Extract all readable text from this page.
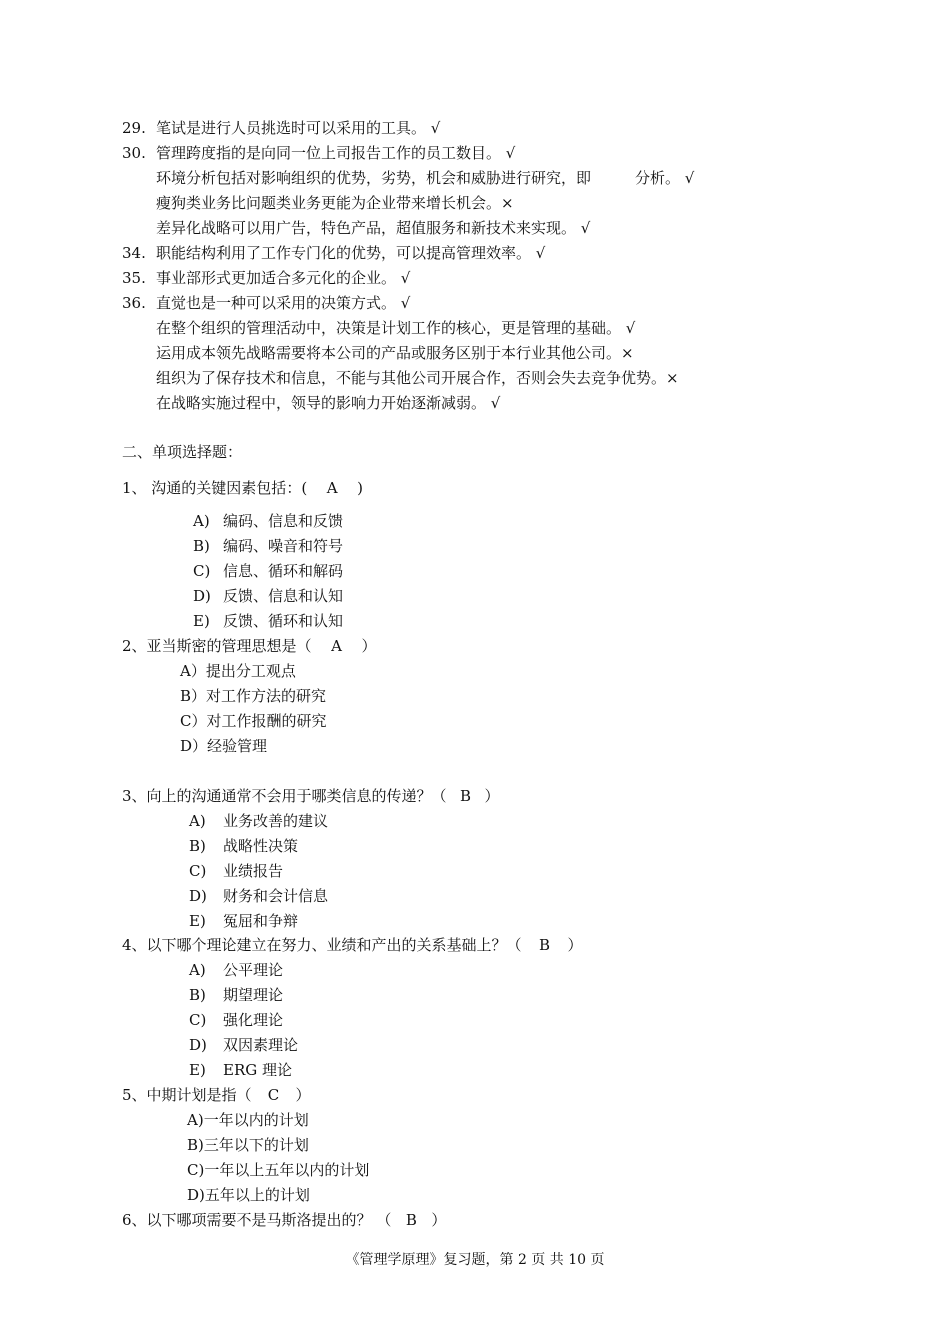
29. 笔试是进行人员挑选时可以采用的工具。 √
30. 管理跨度指的是向同一位上司报告工作的员工数目。 √
环境分析包括对影响组织的优势，劣势，机会和威胁进行研究，即	分析。 √
瘦狗类业务比问题类业务更能为企业带来增长机会。×
差异化战略可以用广告，特色产品，超值服务和新技术来实现。 √
34. 职能结构利用了工作专门化的优势，可以提高管理效率。 √
35. 事业部形式更加适合多元化的企业。 √
36. 直觉也是一种可以采用的决策方式。 √
在整个组织的管理活动中，决策是计划工作的核心，更是管理的基础。 √
运用成本领先战略需要将本公司的产品或服务区别于本行业其他公司。×
组织为了保存技术和信息，不能与其他公司开展合作，否则会失去竞争优势。×
在战略实施过程中，领导的影响力开始逐渐减弱。 √
二、单项选择题：
1、 沟通的关键因素包括：( A )
A) 编码、信息和反馈
B) 编码、噪音和符号
C) 信息、循环和解码
D) 反馈、信息和认知
E) 反馈、循环和认知
2、亚当斯密的管理思想是（ A ）
A）提出分工观点
B）对工作方法的研究
C）对工作报酬的研究
D）经验管理
3、向上的沟通通常不会用于哪类信息的传递？（ B ）
A) 业务改善的建议
B) 战略性决策
C) 业绩报告
D) 财务和会计信息
E) 冤屈和争辩
4、以下哪个理论建立在努力、业绩和产出的关系基础上？（ B ）
A) 公平理论
B) 期望理论
C) 强化理论
D) 双因素理论
E) ERG 理论
5、中期计划是指（ C ）
A)一年以内的计划
B)三年以下的计划
C)一年以上五年以内的计划
D)五年以上的计划
6、以下哪项需要不是马斯洛提出的？ （ B ）
《管理学原理》复习题，第 2 页 共 10 页
